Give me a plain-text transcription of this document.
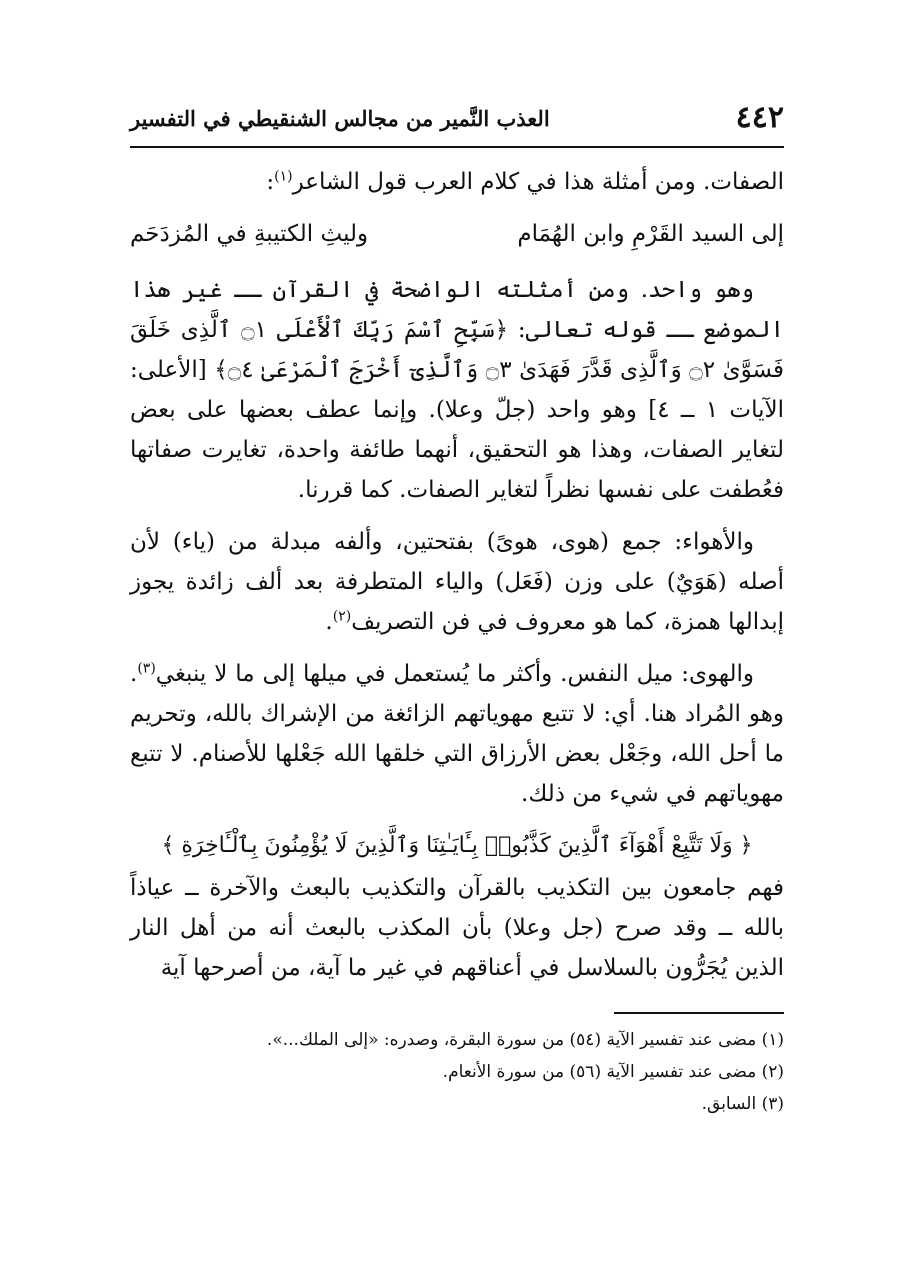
٤٤٢
العذب النَّمير من مجالس الشنقيطي في التفسير

الصفات. ومن أمثلة هذا في كلام العرب قول الشاعر$^{(١)}$:

إلى السيد القَرْمِ وابن الهُمَام
وليثِ الكتيبةِ في المُزدَحَم

وهو واحد. ومن أمثلته الواضحة في القرآن ــ غير هذا الموضع ــ قوله تعالى: ﴿سَبِّحِ ٱسْمَ رَبِّكَ ٱلْأَعْلَى ۝١ ٱلَّذِى خَلَقَ فَسَوَّىٰ ۝٢ وَٱلَّذِى قَدَّرَ فَهَدَىٰ ۝٣ وَٱلَّذِىٓ أَخْرَجَ ٱلْمَرْعَىٰ ۝٤﴾ [الأعلى: الآيات ١ ــ ٤] وهو واحد (جلّ وعلا). وإنما عطف بعضها على بعض لتغاير الصفات، وهذا هو التحقيق، أنهما طائفة واحدة، تغايرت صفاتها فعُطفت على نفسها نظراً لتغاير الصفات. كما قررنا.

والأهواء: جمع (هوى، هوىً) بفتحتين، وألفه مبدلة من (ياء) لأن أصله (هَوَيٌ) على وزن (فَعَل) والياء المتطرفة بعد ألف زائدة يجوز إبدالها همزة، كما هو معروف في فن التصريف$^{(٢)}$.

والهوى: ميل النفس. وأكثر ما يُستعمل في ميلها إلى ما لا ينبغي$^{(٣)}$. وهو المُراد هنا. أي: لا تتبع مهوياتهم الزائغة من الإشراك بالله، وتحريم ما أحل الله، وجَعْل بعض الأرزاق التي خلقها الله جَعْلها للأصنام. لا تتبع مهوياتهم في شيء من ذلك.

﴿ وَلَا تَتَّبِعْ أَهْوَآءَ ٱلَّذِينَ كَذَّبُوا۟ بِـَٔايَـٰتِنَا وَٱلَّذِينَ لَا يُؤْمِنُونَ بِٱلْـَٔاخِرَةِ ﴾

فهم جامعون بين التكذيب بالقرآن والتكذيب بالبعث والآخرة ــ عياذاً بالله ــ وقد صرح (جل وعلا) بأن المكذب بالبعث أنه من أهل النار الذين يُجَرُّون بالسلاسل في أعناقهم في غير ما آية، من أصرحها آية

(١) مضى عند تفسير الآية (٥٤) من سورة البقرة، وصدره: «إلى الملك...».

(٢) مضى عند تفسير الآية (٥٦) من سورة الأنعام.

(٣) السابق.
